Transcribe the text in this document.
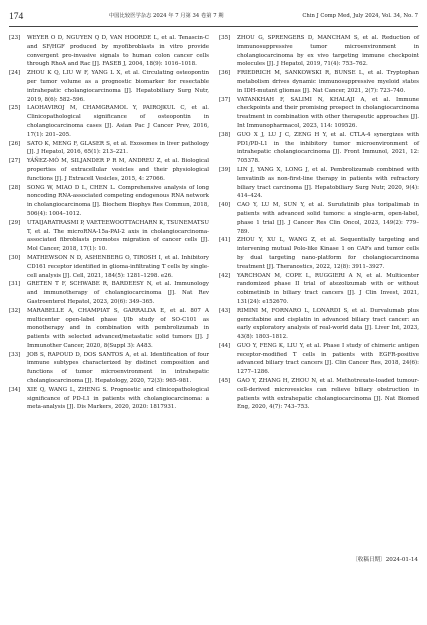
174	中国比较医学杂志 2024 年 7 月第 34 卷第 7 期	Chin J Comp Med, July 2024, Vol. 34, No. 7
[23] WEYER O D, NGUYEN Q D, VAN HOORDE L, et al. Tenascin-C and SF/HGF produced by myofibroblasts in vitro provide convergent pro-invasive signals to human colon cancer cells through RhoA and Rac [J]. FASEB J, 2004, 18(9): 1016–1018.
[24] ZHOU K Q, LIU W F, YANG L X, et al. Circulating osteopontin per tumor volume as a prognostic biomarker for resectable intrahepatic cholangiocarcinoma [J]. Hepatobiliary Surg Nutr, 2019, 8(6): 582–596.
[25] LAOHAVIROJ M, CHAMGRAMOL Y, PAIROJKUL C, et al. Clinicopathological significance of osteopontin in cholangiocarcinoma cases [J]. Asian Pac J Cancer Prev, 2016, 17(1): 201–205.
[26] SATO K, MENG F, GLASER S, et al. Exosomes in liver pathology [J]. J Hepatol, 2016, 65(1): 213–221.
[27] YÁÑEZ-MÓ M, SILJANDER P R M, ANDREU Z, et al. Biological properties of extracellular vesicles and their physiological functions [J]. J Extracell Vesicles, 2015, 4: 27066.
[28] SONG W, MIAO D L, CHEN L. Comprehensive analysis of long noncoding RNA-associated competing endogenous RNA network in cholangiocarcinoma [J]. Biochem Biophys Res Commun, 2018, 506(4): 1004–1012.
[29] UTAIJARATRASMI P, VAETEEWOOTTACHARN K, TSUNEMATSU T, et al. The microRNA-15a-PAI-2 axis in cholangiocarcinoma-associated fibroblasts promotes migration of cancer cells [J]. Mol Cancer, 2018, 17(1): 10.
[30] MATHEWSON N D, ASHENBERG O, TIROSH I, et al. Inhibitory CD161 receptor identified in glioma-infiltrating T cells by single-cell analysis [J]. Cell, 2021, 184(5): 1281–1298. e26.
[31] GRETEN T F, SCHWABE R, BARDEESY N, et al. Immunology and immunotherapy of cholangiocarcinoma [J]. Nat Rev Gastroenterol Hepatol, 2023, 20(6): 349–365.
[32] MARABELLE A, CHAMPIAT S, GARRALDA E, et al. 807 A multicenter open-label phase I/Ib study of SO-C101 as monotherapy and in combination with pembrolizumab in patients with selected advanced/metastatic solid tumors [J]. J Immunother Cancer, 2020, 8(Suppl 3): A483.
[33] JOB S, RAPOUD D, DOS SANTOS A, et al. Identification of four immune subtypes characterized by distinct composition and functions of tumor microenvironment in intrahepatic cholangiocarcinoma [J]. Hepatology, 2020, 72(3): 965–981.
[34] XIE Q, WANG L, ZHENG S. Prognostic and clinicopathological significance of PD-L1 in patients with cholangiocarcinoma: a meta-analysis [J]. Dis Markers, 2020, 2020: 1817931.
[35] ZHOU G, SPRENGERS D, MANCHAM S, et al. Reduction of immunosuppressive tumor microenvironment in cholangiocarcinoma by ex vivo targeting immune checkpoint molecules [J]. J Hepatol, 2019, 71(4): 753–762.
[36] FRIEDRICH M, SANKOWSKI R, BUNSE L, et al. Tryptophan metabolism drives dynamic immunosuppressive myeloid states in IDH-mutant gliomas [J]. Nat Cancer, 2021, 2(7): 723–740.
[37] VATANKHAH F, SALIMI N, KHALAJI A, et al. Immune checkpoints and their promising prospect in cholangiocarcinoma treatment in combination with other therapeutic approaches [J]. Int Immunopharmacol, 2023, 114: 109526.
[38] GUO X J, LU J C, ZENG H Y, et al. CTLA-4 synergizes with PD1/PD-L1 in the inhibitory tumor microenvironment of intrahepatic cholangiocarcinoma [J]. Front Immunol, 2021, 12: 705378.
[39] LIN J, YANG X, LONG J, et al. Pembrolizumab combined with lenvatinib as non-first-line therapy in patients with refractory biliary tract carcinoma [J]. Hepatobiliary Surg Nutr, 2020, 9(4): 414–424.
[40] CAO Y, LU M, SUN Y, et al. Surufatinib plus toripalimab in patients with advanced solid tumors: a single-arm, open-label, phase 1 trial [J]. J Cancer Res Clin Oncol, 2023, 149(2): 779–789.
[41] ZHOU Y, XU L, WANG Z, et al. Sequentially targeting and intervening mutual Polo-like Kinase 1 on CAFs and tumor cells by dual targeting nano-platform for cholangiocarcinoma treatment [J]. Theranostics, 2022, 12(8): 3911–3927.
[42] YARCHOAN M, COPE L, RUGGIERI A N, et al. Multicenter randomized phase II trial of atezolizumab with or without cobimetinib in biliary tract cancers [J]. J Clin Invest, 2021, 131(24): e152670.
[43] RIMINI M, FORNARO L, LONARDI S, et al. Durvalumab plus gemcitabine and cisplatin in advanced biliary tract cancer: an early exploratory analysis of real-world data [J]. Liver Int, 2023, 43(8): 1803–1812.
[44] GUO Y, FENG K, LIU Y, et al. Phase I study of chimeric antigen receptor-modified T cells in patients with EGFR-positive advanced biliary tract cancers [J]. Clin Cancer Res, 2018, 24(6): 1277–1286.
[45] GAO Y, ZHANG H, ZHOU N, et al. Methotrexate-loaded tumour-cell-derived microvesicles can relieve biliary obstruction in patients with extrahepatic cholangiocarcinoma [J]. Nat Biomed Eng, 2020, 4(7): 743–753.
〔收稿日期〕2024-01-14
